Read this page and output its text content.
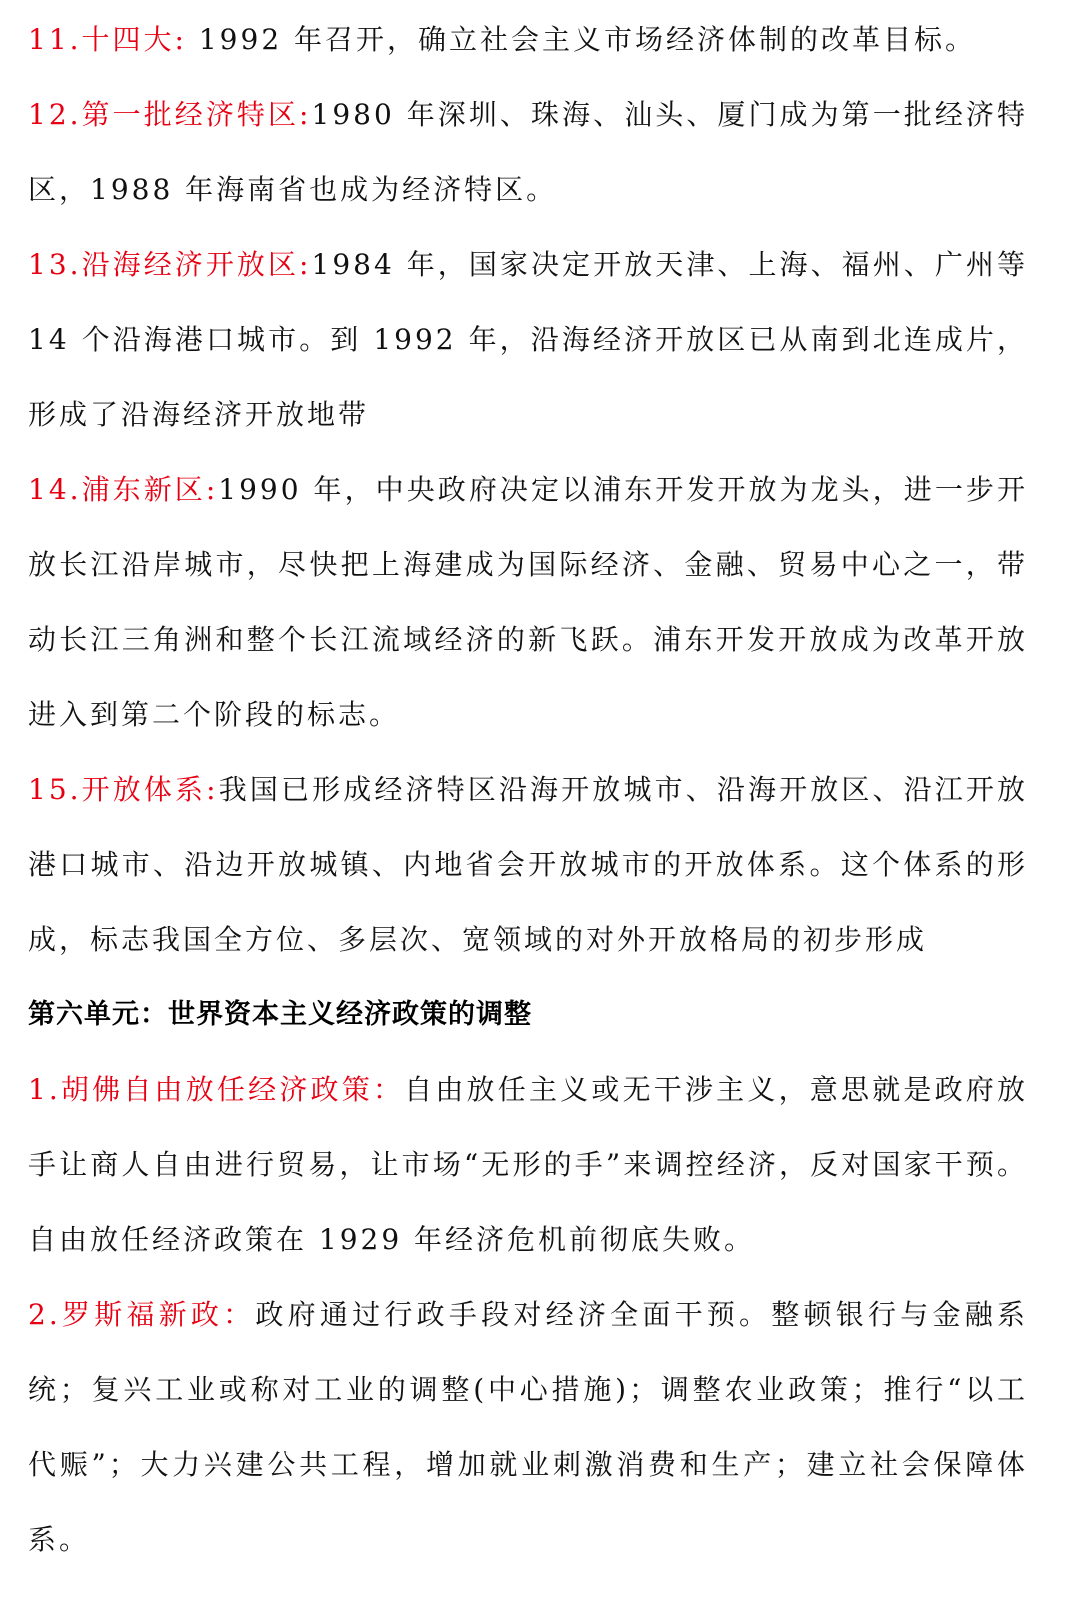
11.十四大: 1992 年召开，确立社会主义市场经济体制的改革目标。

12.第一批经济特区:1980 年深圳、珠海、汕头、厦门成为第一批经济特区，1988 年海南省也成为经济特区。

13.沿海经济开放区:1984 年，国家决定开放天津、上海、福州、广州等 14 个沿海港口城市。到 1992 年，沿海经济开放区已从南到北连成片，形成了沿海经济开放地带

14.浦东新区:1990 年，中央政府决定以浦东开发开放为龙头，进一步开放长江沿岸城市，尽快把上海建成为国际经济、金融、贸易中心之一，带动长江三角洲和整个长江流域经济的新飞跃。浦东开发开放成为改革开放进入到第二个阶段的标志。

15.开放体系:我国已形成经济特区沿海开放城市、沿海开放区、沿江开放港口城市、沿边开放城镇、内地省会开放城市的开放体系。这个体系的形成，标志我国全方位、多层次、宽领域的对外开放格局的初步形成

第六单元：世界资本主义经济政策的调整

1.胡佛自由放任经济政策：自由放任主义或无干涉主义，意思就是政府放手让商人自由进行贸易，让市场“无形的手”来调控经济，反对国家干预。自由放任经济政策在 1929 年经济危机前彻底失败。

2.罗斯福新政：政府通过行政手段对经济全面干预。整顿银行与金融系统；复兴工业或称对工业的调整(中心措施)；调整农业政策；推行“以工代赈”；大力兴建公共工程，增加就业刺激消费和生产；建立社会保障体系。
